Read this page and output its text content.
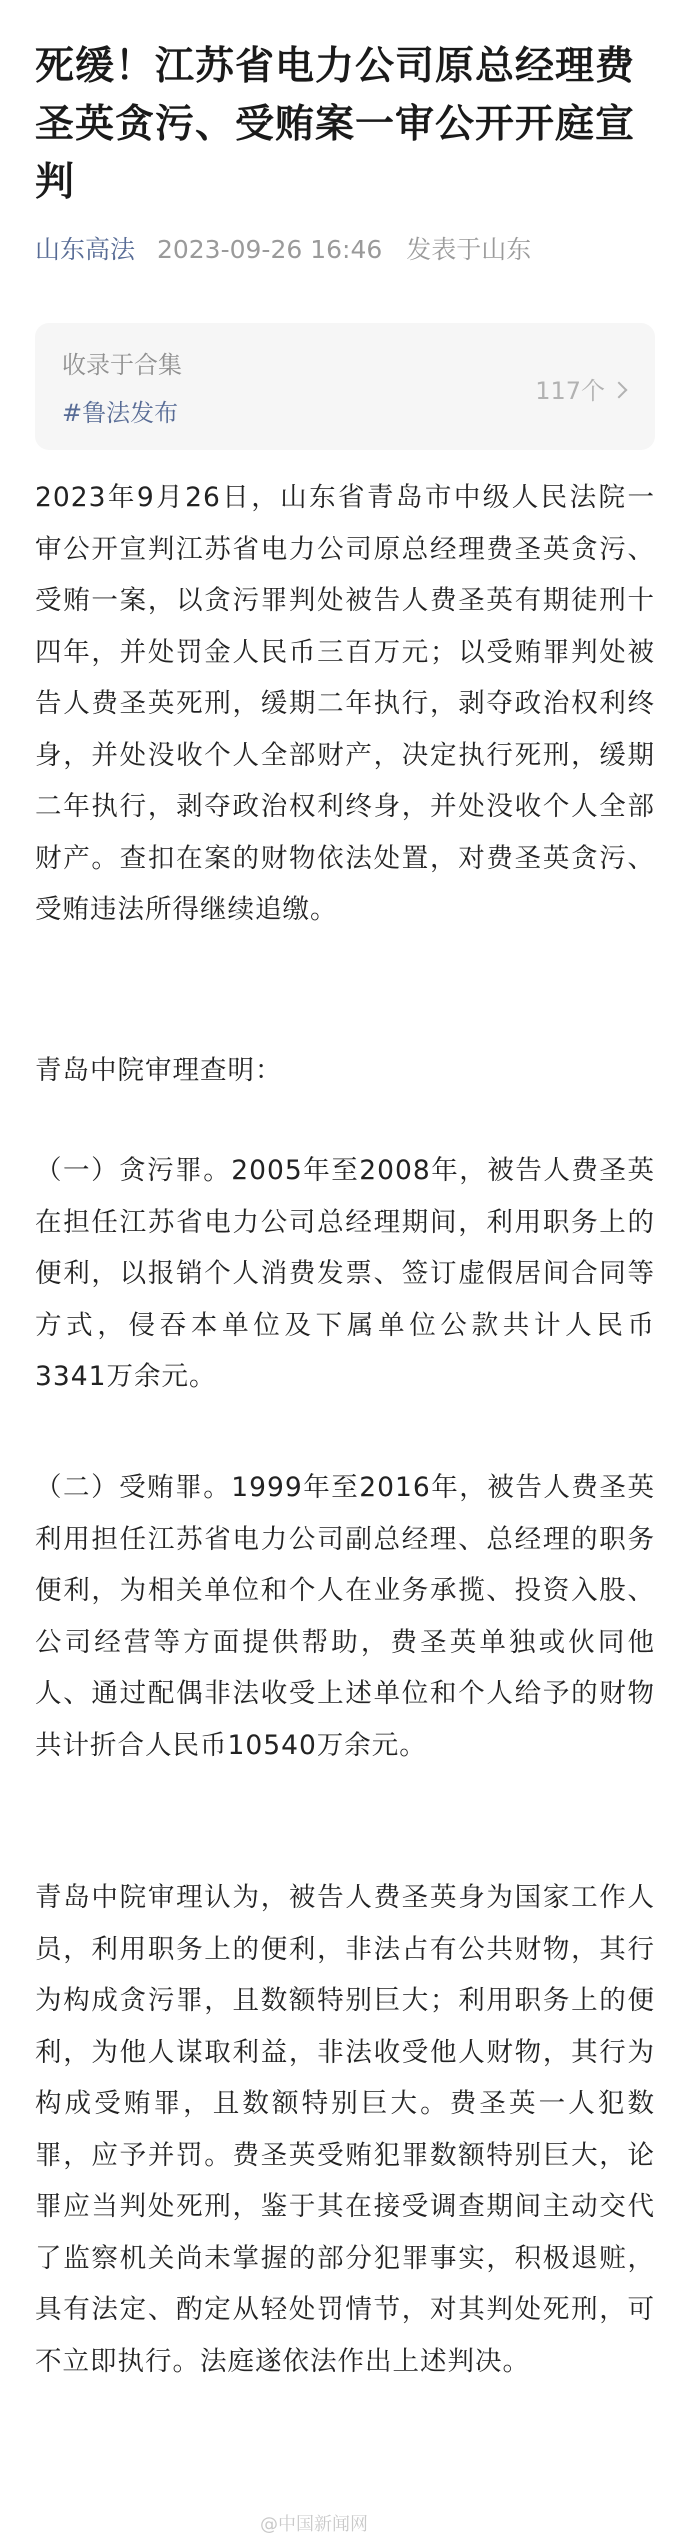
死缓！江苏省电力公司原总经理费圣英贪污、受贿案一审公开开庭宣判
山东高法 2023-09-26 16:46 发表于山东
收录于合集
#鲁法发布
117个

2023年9月26日，山东省青岛市中级人民法院一审公开宣判江苏省电力公司原总经理费圣英贪污、受贿一案，以贪污罪判处被告人费圣英有期徒刑十四年，并处罚金人民币三百万元；以受贿罪判处被告人费圣英死刑，缓期二年执行，剥夺政治权利终身，并处没收个人全部财产，决定执行死刑，缓期二年执行，剥夺政治权利终身，并处没收个人全部财产。查扣在案的财物依法处置，对费圣英贪污、受贿违法所得继续追缴。

青岛中院审理查明：

（一）贪污罪。2005年至2008年，被告人费圣英在担任江苏省电力公司总经理期间，利用职务上的便利，以报销个人消费发票、签订虚假居间合同等方式，侵吞本单位及下属单位公款共计人民币3341万余元。

（二）受贿罪。1999年至2016年，被告人费圣英利用担任江苏省电力公司副总经理、总经理的职务便利，为相关单位和个人在业务承揽、投资入股、公司经营等方面提供帮助，费圣英单独或伙同他人、通过配偶非法收受上述单位和个人给予的财物共计折合人民币10540万余元。

青岛中院审理认为，被告人费圣英身为国家工作人员，利用职务上的便利，非法占有公共财物，其行为构成贪污罪，且数额特别巨大；利用职务上的便利，为他人谋取利益，非法收受他人财物，其行为构成受贿罪，且数额特别巨大。费圣英一人犯数罪，应予并罚。费圣英受贿犯罪数额特别巨大，论罪应当判处死刑，鉴于其在接受调查期间主动交代了监察机关尚未掌握的部分犯罪事实，积极退赃，具有法定、酌定从轻处罚情节，对其判处死刑，可不立即执行。法庭遂依法作出上述判决。

@中国新闻网
